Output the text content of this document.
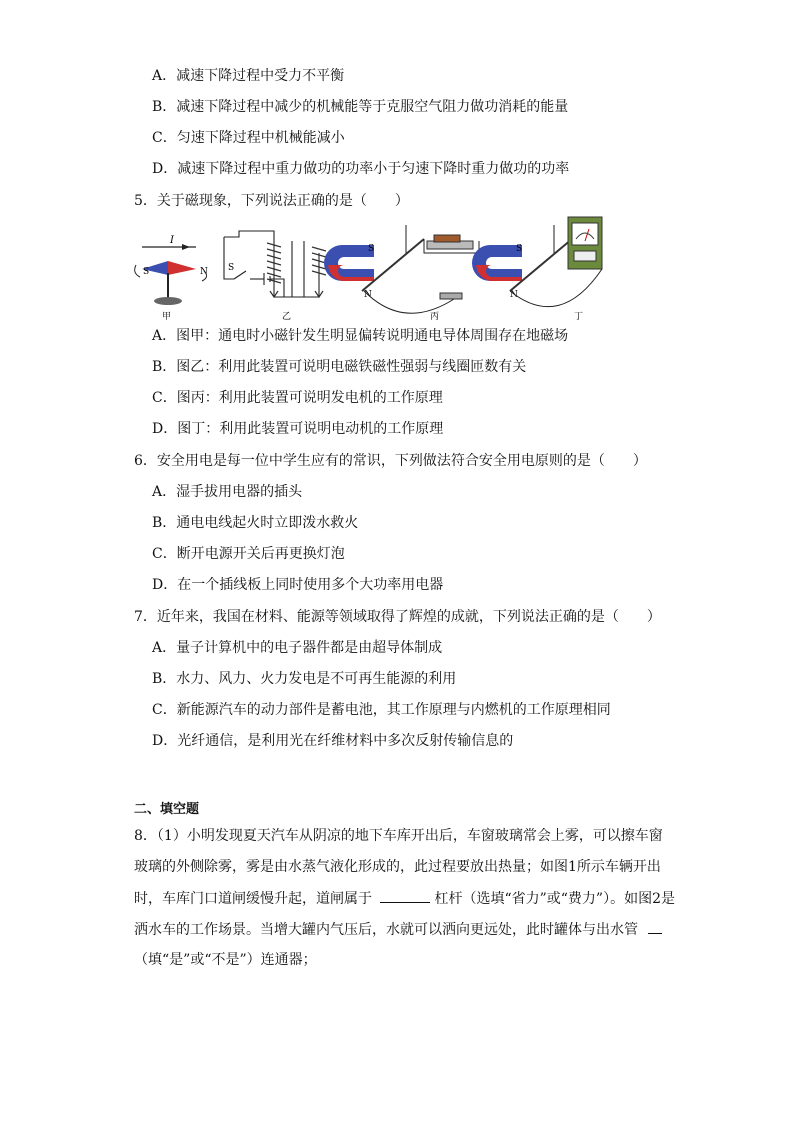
A．减速下降过程中受力不平衡
B．减速下降过程中减少的机械能等于克服空气阻力做功消耗的能量
C．匀速下降过程中机械能减小
D．减速下降过程中重力做功的功率小于匀速下降时重力做功的功率
5．关于磁现象，下列说法正确的是（　　）
I
S	N
甲
S
乙
S
N
丙
S
N
丁
A．图甲：通电时小磁针发生明显偏转说明通电导体周围存在地磁场
B．图乙：利用此装置可说明电磁铁磁性强弱与线圈匝数有关
C．图丙：利用此装置可说明发电机的工作原理
D．图丁：利用此装置可说明电动机的工作原理
6．安全用电是每一位中学生应有的常识，下列做法符合安全用电原则的是（　　）
A．湿手拔用电器的插头
B．通电电线起火时立即泼水救火
C．断开电源开关后再更换灯泡
D．在一个插线板上同时使用多个大功率用电器
7．近年来，我国在材料、能源等领域取得了辉煌的成就，下列说法正确的是（　　）
A．量子计算机中的电子器件都是由超导体制成
B．水力、风力、火力发电是不可再生能源的利用
C．新能源汽车的动力部件是蓄电池，其工作原理与内燃机的工作原理相同
D．光纤通信，是利用光在纤维材料中多次反射传输信息的
二、填空题
8．（1）小明发现夏天汽车从阴凉的地下车库开出后，车窗玻璃常会上雾，可以擦车窗
玻璃的外侧除雾，雾是由水蒸气液化形成的，此过程要放出热量；如图1所示车辆开出
时，车库门口道闸缓慢升起，道闸属于	杠杆（选填“省力”或“费力”）。如图2是
洒水车的工作场景。当增大罐内气压后，水就可以洒向更远处，此时罐体与出水管
（填“是”或“不是”）连通器；
